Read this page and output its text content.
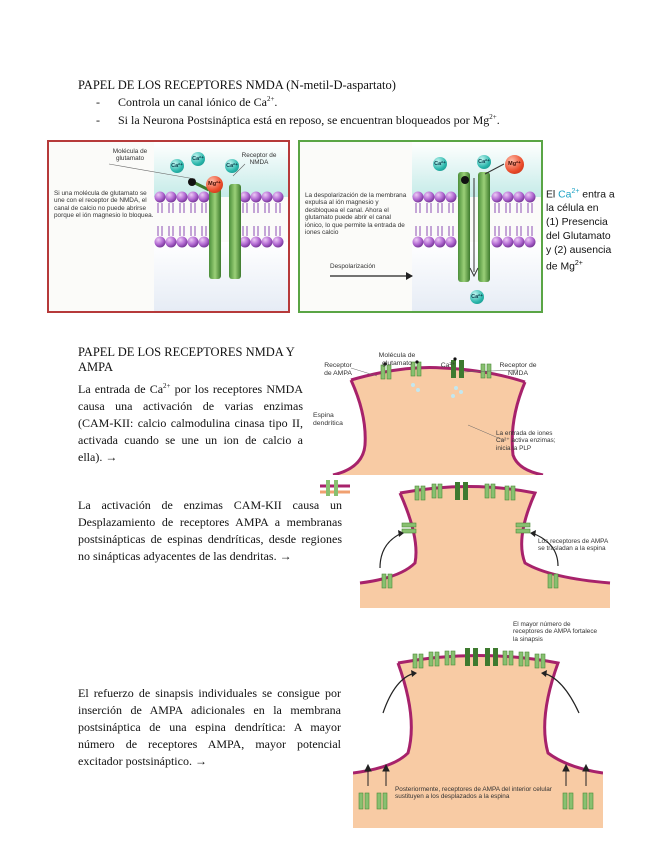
PAPEL DE LOS RECEPTORES NMDA (N-metil-D-aspartato)
-	Controla un canal iónico de $Ca^{2+}$.
-	Si la Neurona Postsináptica está en reposo, se encuentran bloqueados por $Mg^{2+}$.
Molécula de glutamato	Receptor de NMDA
Ca²⁺
Ca²⁺
Ca²⁺
Mg²⁺
Si una molécula de glutamato se une con el receptor de NMDA, el canal de calcio no puede abrirse porque el ión magnesio lo bloquea.
Ca²⁺	Ca²⁺	Mg²⁺
Ca²⁺
La despolarización de la membrana expulsa al ión magnesio y desbloquea el canal. Ahora el glutamato puede abrir el canal iónico, lo que permite la entrada de iones calcio
Despolarización
El $Ca^{2+}$ entra a
la célula en
(1) Presencia
del Glutamato
y (2) ausencia
de $Mg^{2+}$
PAPEL DE LOS RECEPTORES NMDA Y
AMPA
La entrada de $Ca^{2+}$ por los receptores NMDA causa una activación de varias enzimas (CAM-KII: calcio calmodulina cinasa tipo II, activada cuando se une un ion de calcio a ella). →
La activación de enzimas CAM-KII causa un Desplazamiento de receptores AMPA a membranas postsinápticas de espinas dendríticas, desde regiones no sinápticas adyacentes de las dendritas. →
El refuerzo de sinapsis individuales se consigue por inserción de AMPA adicionales en la membrana postsináptica de una espina dendrítica: A mayor número de receptores AMPA, mayor potencial excitador postsináptico. →
Receptor de AMPA
Molécula de glutamato	Ca²⁺	Receptor de NMDA
Espina dendrítica
La entrada de iones Ca²⁺ activa enzimas; inicia la PLP
Los receptores de AMPA se trasladan a la espina
El mayor número de receptores de AMPA fortalece la sinapsis
Posteriormente, receptores de AMPA del interior celular sustituyen a los desplazados a la espina
